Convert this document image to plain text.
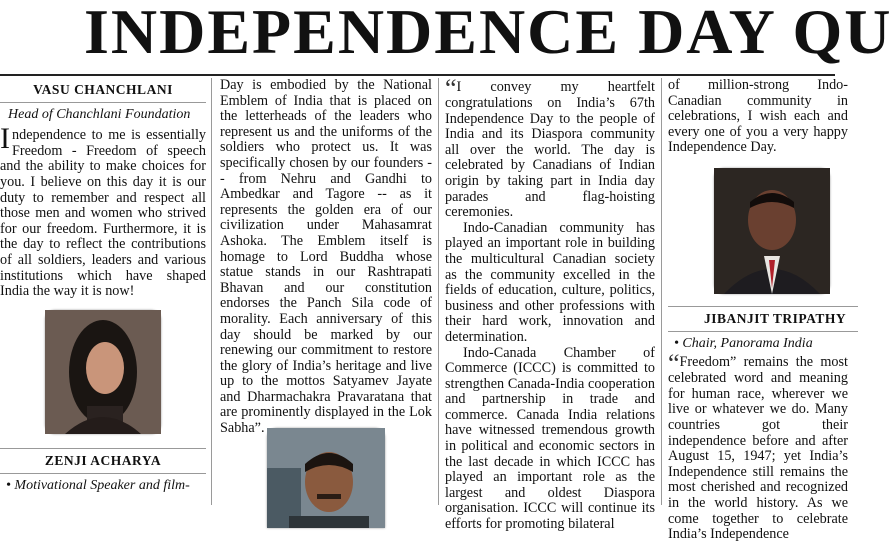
INDEPENDENCE DAY QU
VASU CHANCHLANI
Head of Chanchlani Foundation

Independence to me is essentially Freedom - Freedom of speech and the ability to make choices for you. I believe on this day it is our duty to remember and respect all those men and women who strived for our freedom. Furthermore, it is the day to reflect the contributions of all soldiers, leaders and various institutions which have shaped India the way it is now!

ZENJI ACHARYA
• Motivational Speaker and film-

Day is embodied by the National Emblem of India that is placed on the letterheads of the leaders who represent us and the uniforms of the soldiers who protect us. It was specifically chosen by our founders -- from Nehru and Gandhi to Ambedkar and Tagore -- as it represents the golden era of our civilization under Mahasamrat Ashoka. The Emblem itself is homage to Lord Buddha whose statue stands in our Rashtrapati Bhavan and our constitution endorses the Panch Sila code of morality. Each anniversary of this day should be marked by our renewing our commitment to restore the glory of India’s heritage and live up to the mottos Satyamev Jayate and Dharmachakra Pravaratana that are prominently displayed in the Lok Sabha”.

“I convey my heartfelt congratulations on India’s 67th Independence Day to the people of India and its Diaspora community all over the world. The day is celebrated by Canadians of Indian origin by taking part in India day parades and flag-hoisting ceremonies.

Indo-Canadian community has played an important role in building the multicultural Canadian society as the community excelled in the fields of education, culture, politics, business and other professions with their hard work, innovation and determination.

Indo-Canada Chamber of Commerce (ICCC) is committed to strengthen Canada-India cooperation and partnership in trade and commerce. Canada India relations have witnessed tremendous growth in political and economic sectors in the last decade in which ICCC has played an important role as the largest and oldest Diaspora organisation. ICCC will continue its efforts for promoting bilateral

of million-strong Indo-Canadian community in celebrations, I wish each and every one of you a very happy Independence Day.

JIBANJIT TRIPATHY
• Chair, Panorama India

“Freedom” remains the most celebrated word and meaning for human race, wherever we live or whatever we do. Many countries got their independence before and after August 15, 1947; yet India’s Independence still remains the most cherished and recognized in the world history. As we come together to celebrate India’s Independence
